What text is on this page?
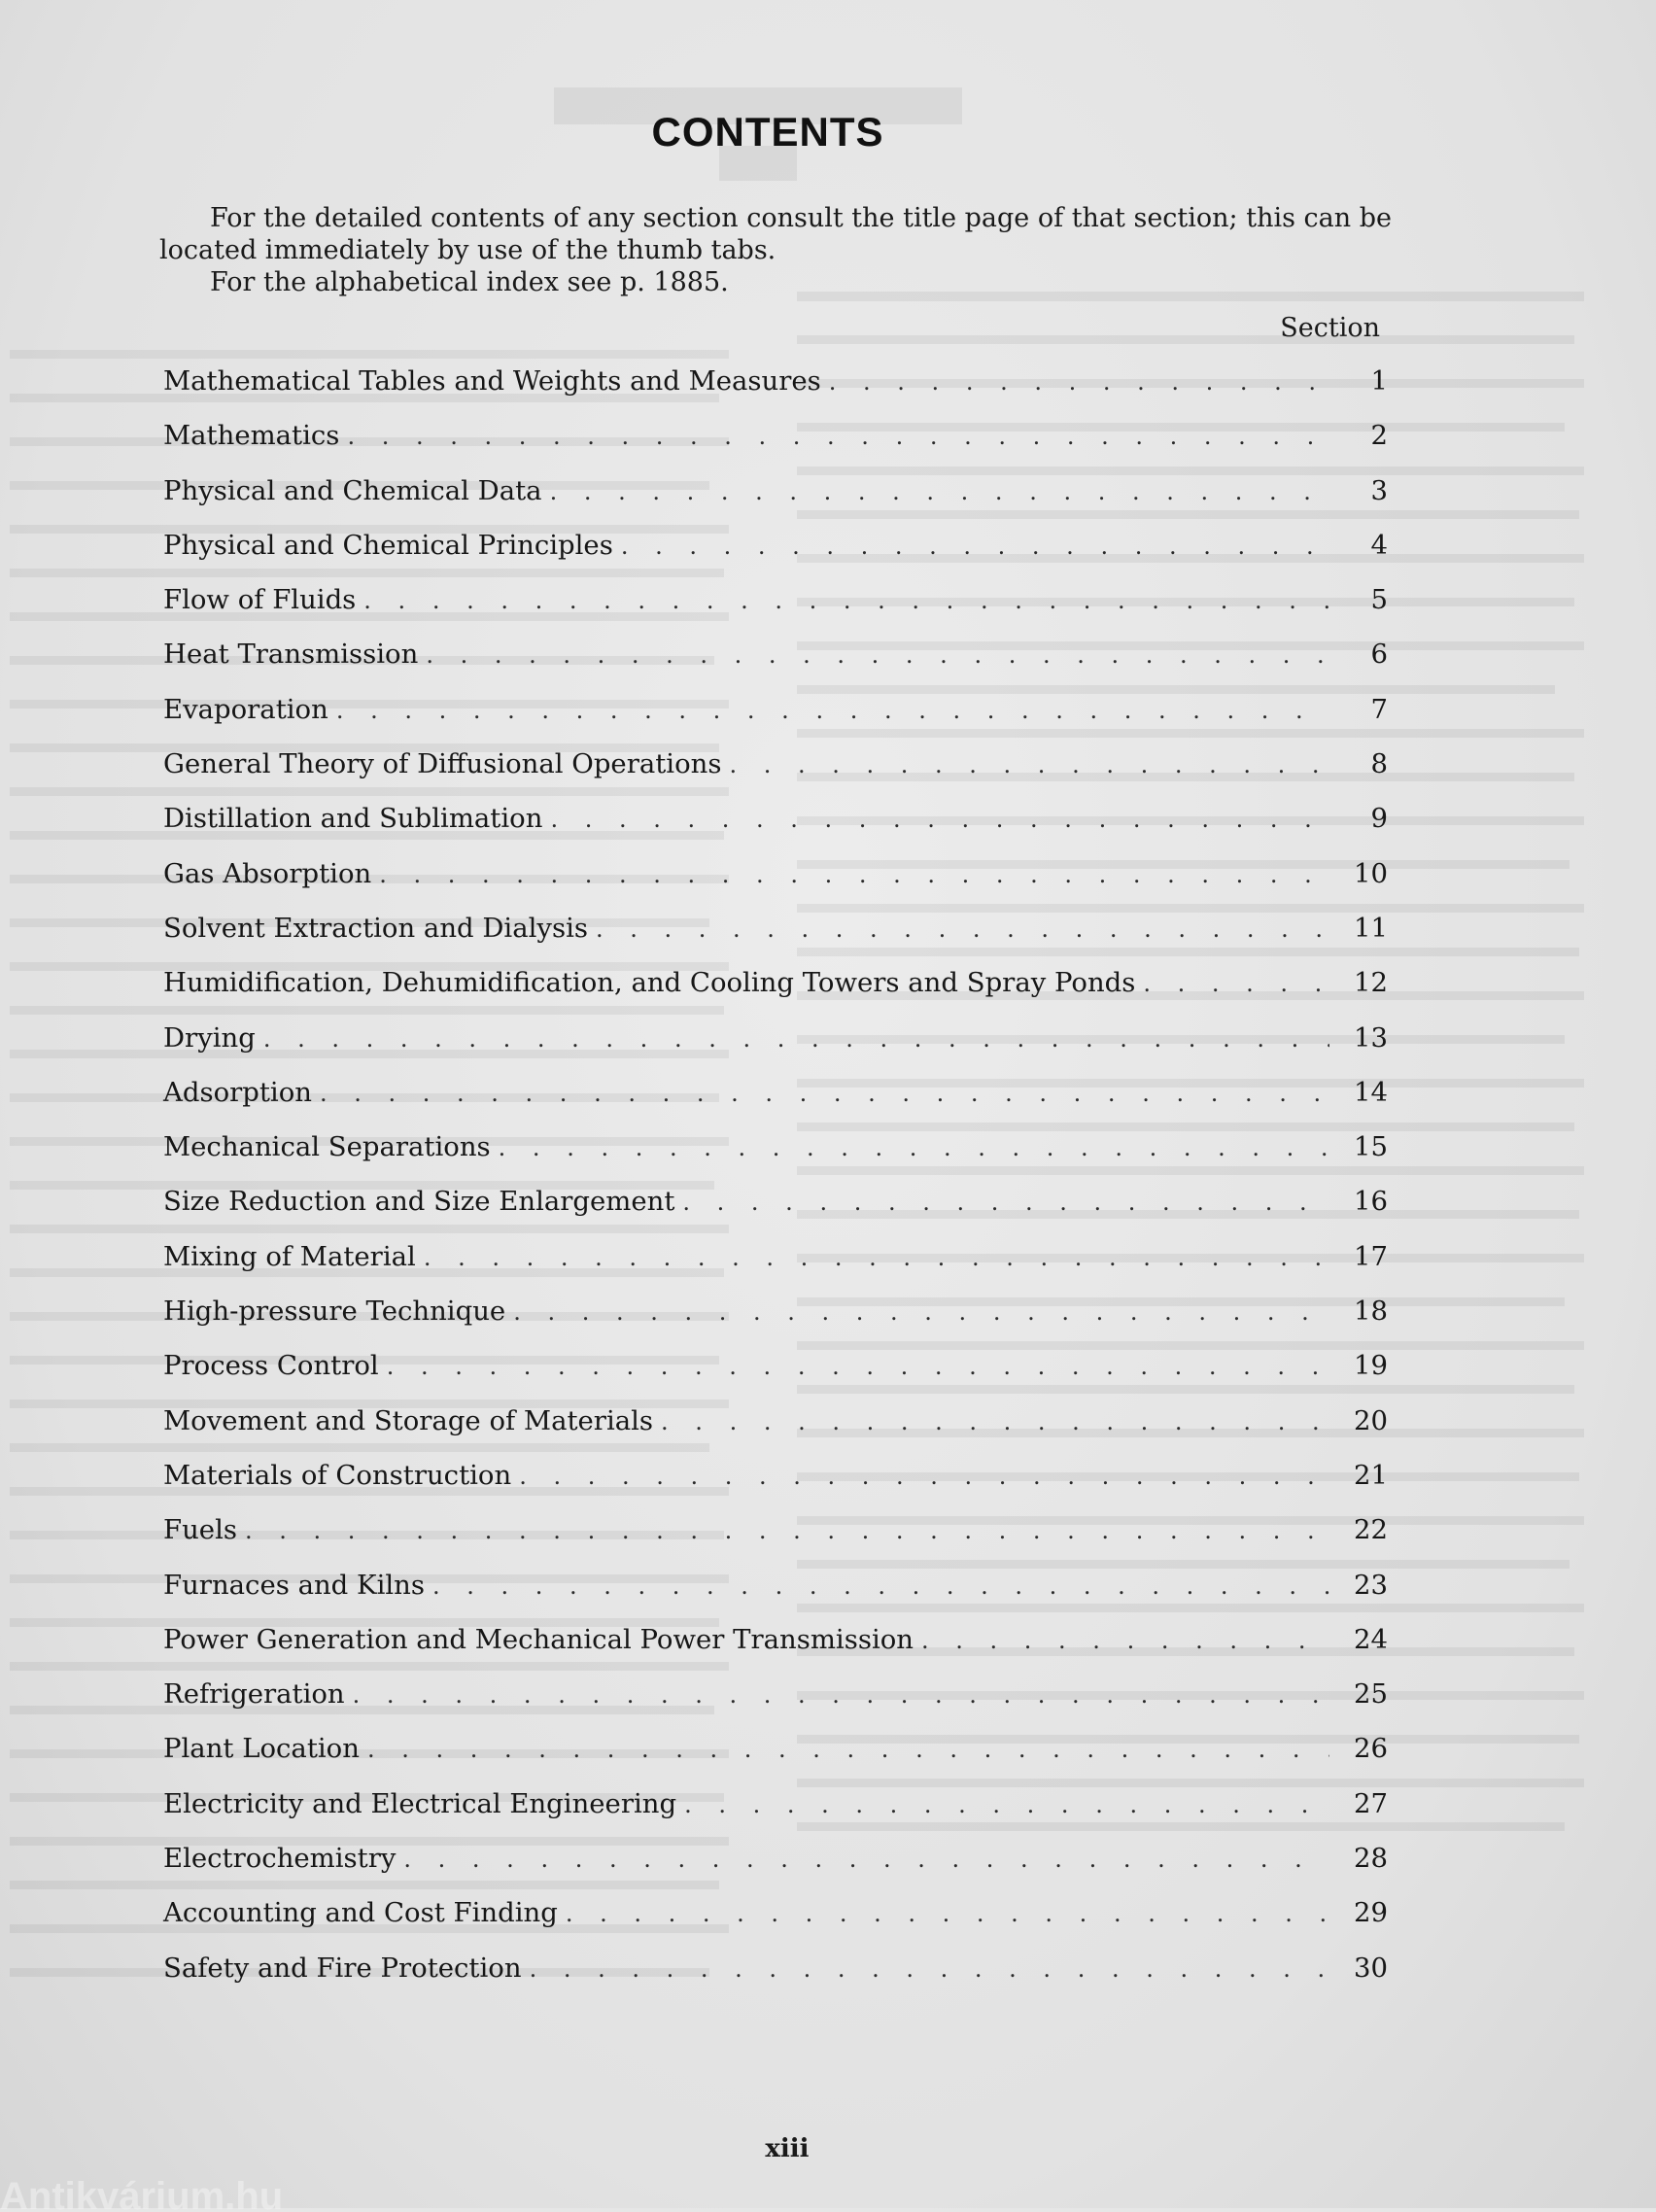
CONTENTS
For the detailed contents of any section consult the title page of that section; this can be located immediately by use of the thumb tabs.
For the alphabetical index see p. 1885.
Section
Mathematical Tables and Weights and Measures . . .	1
Mathematics . . .	2
Physical and Chemical Data . . .	3
Physical and Chemical Principles . . .	4
Flow of Fluids . . .	5
Heat Transmission . . .	6
Evaporation . . .	7
General Theory of Diffusional Operations . . .	8
Distillation and Sublimation . . .	9
Gas Absorption . . .	10
Solvent Extraction and Dialysis . . .	11
Humidification, Dehumidification, and Cooling Towers and Spray Ponds . . .	12
Drying . . .	13
Adsorption . . .	14
Mechanical Separations . . .	15
Size Reduction and Size Enlargement . . .	16
Mixing of Material . . .	17
High-pressure Technique . . .	18
Process Control . . .	19
Movement and Storage of Materials . . .	20
Materials of Construction . . .	21
Fuels . . .	22
Furnaces and Kilns . . .	23
Power Generation and Mechanical Power Transmission . . .	24
Refrigeration . . .	25
Plant Location . . .	26
Electricity and Electrical Engineering . . .	27
Electrochemistry . . .	28
Accounting and Cost Finding . . .	29
Safety and Fire Protection . . .	30
xiii
Antikvárium.hu
